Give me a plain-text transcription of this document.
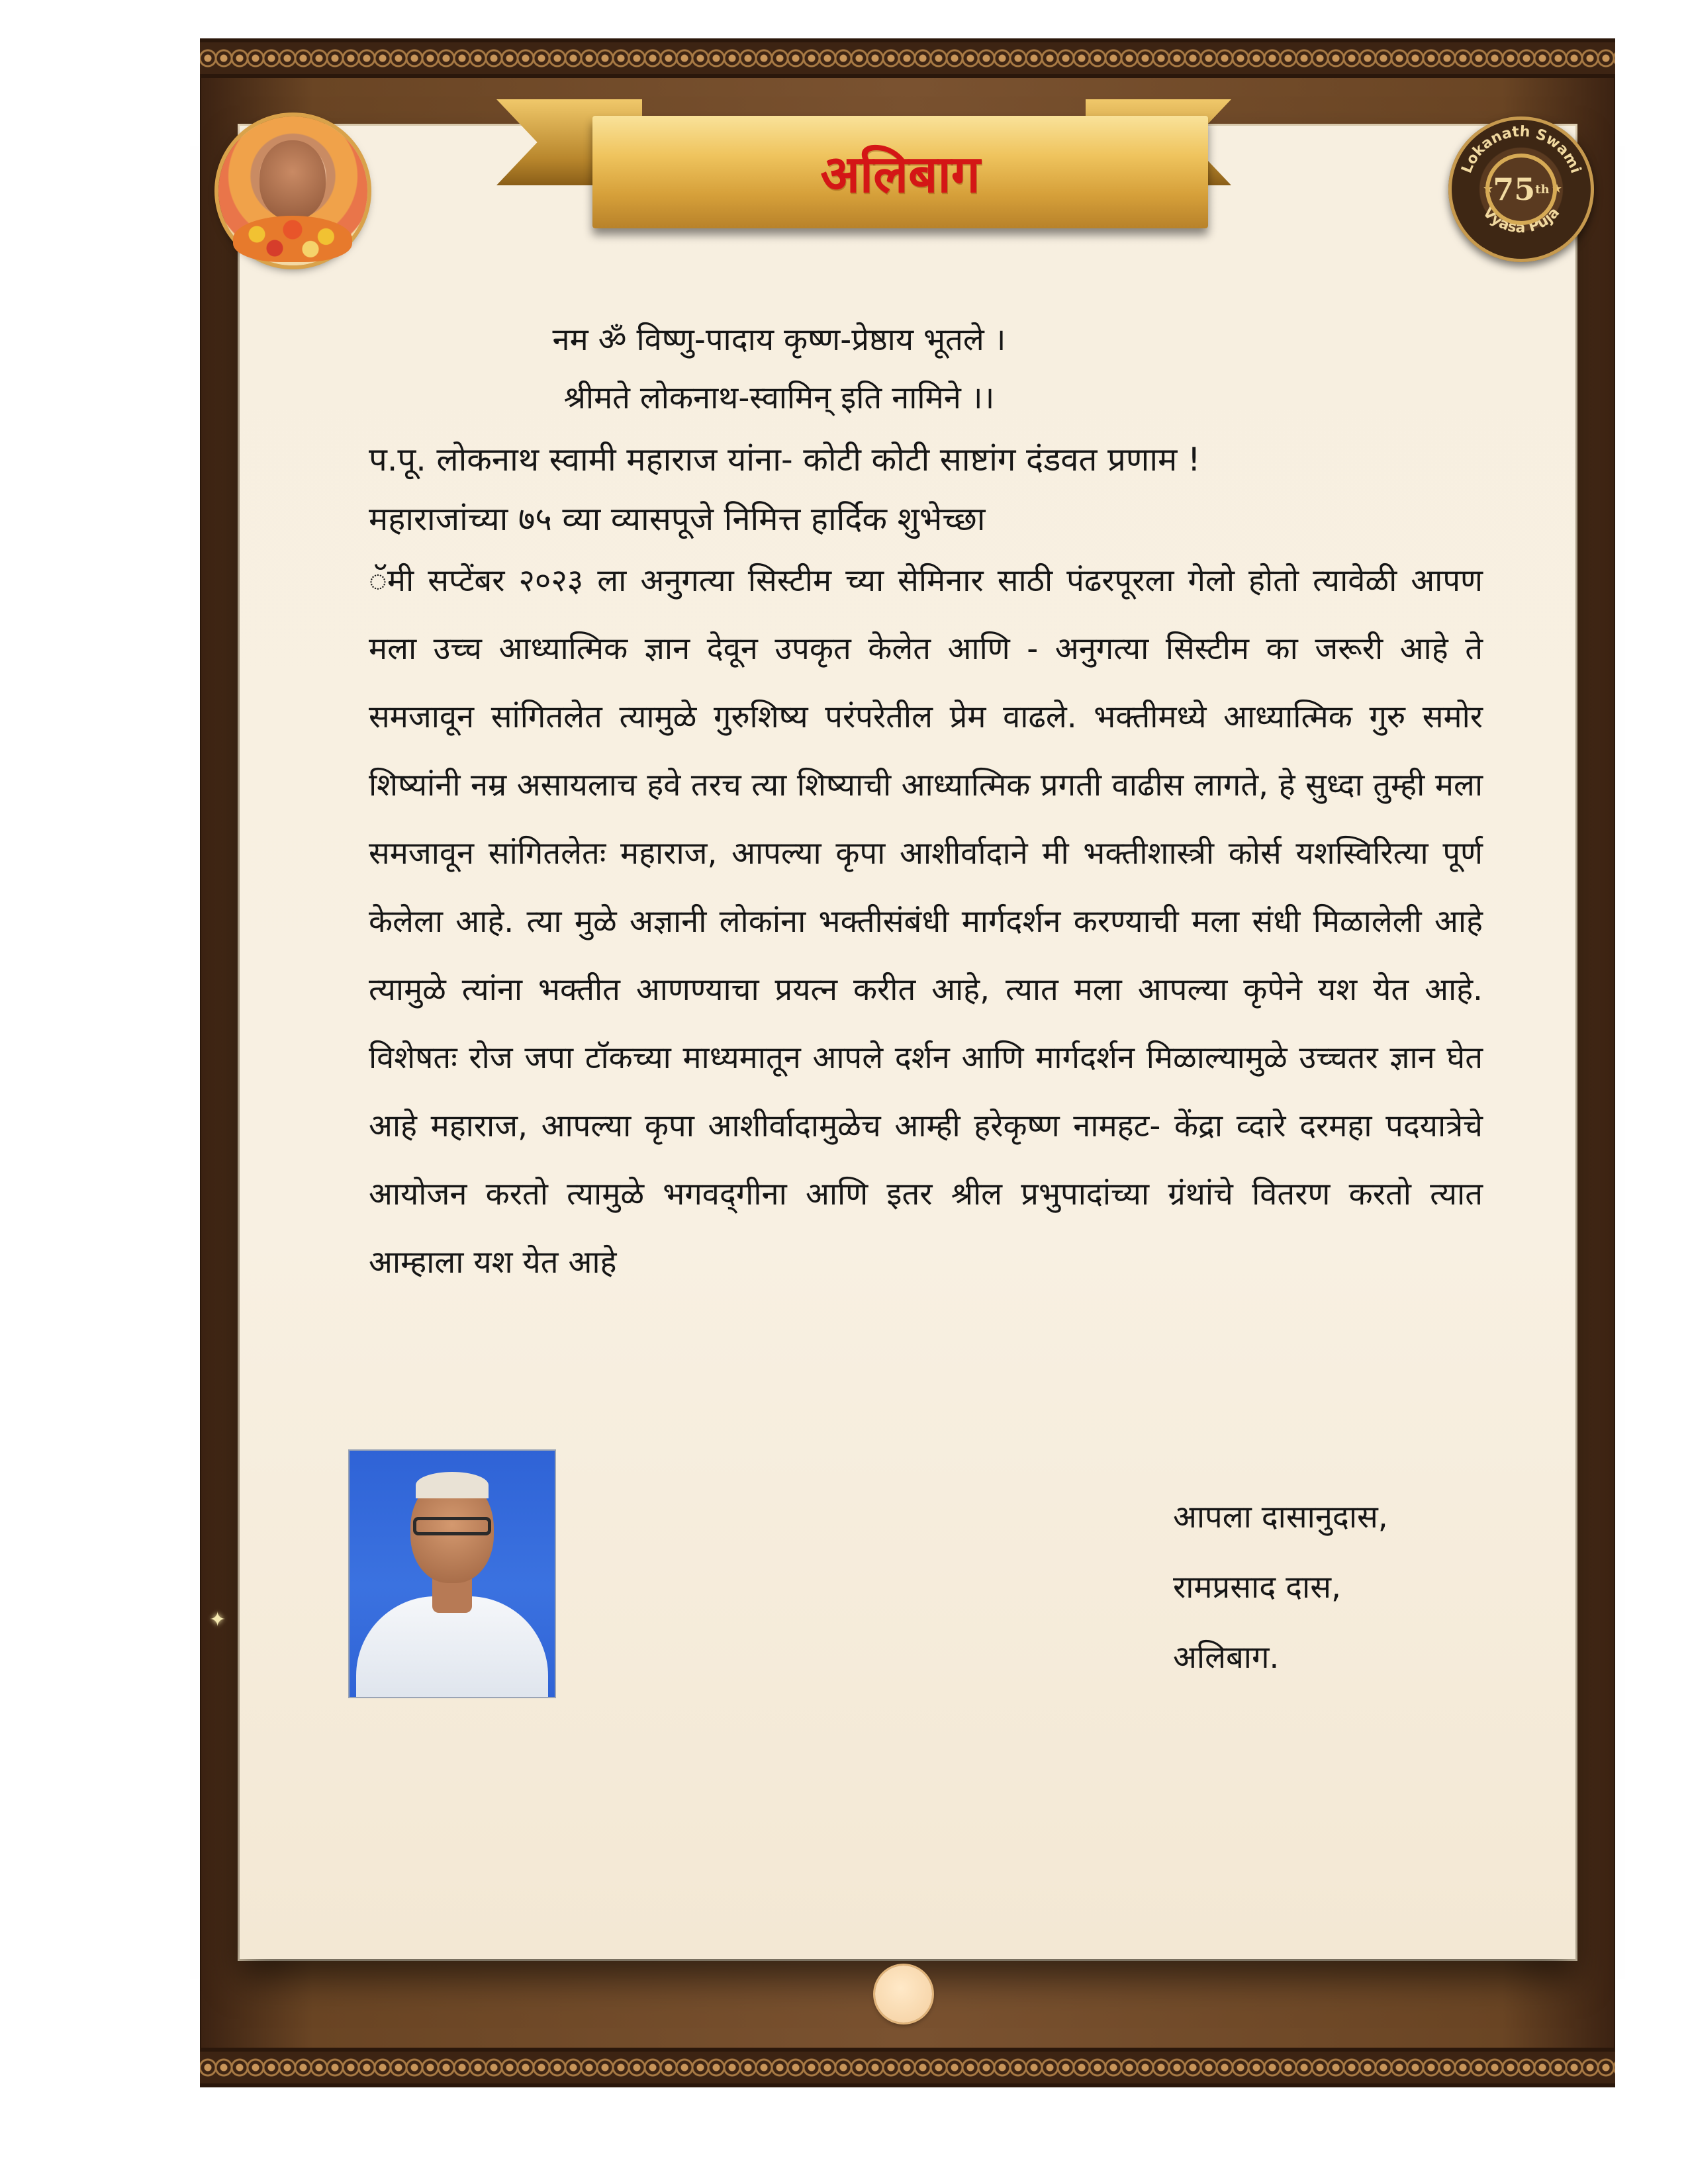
अलिबाग	Lokanath Swami
Vyasa Puja
★	★
75 th
नम ॐ विष्णु-पादाय कृष्ण-प्रेष्ठाय भूतले ।
श्रीमते लोकनाथ-स्वामिन् इति नामिने ।।
प.पू. लोकनाथ स्वामी महाराज यांना- कोटी कोटी साष्टांग दंडवत प्रणाम !
महाराजांच्या ७५ व्या व्यासपूजे निमित्त हार्दिक शुभेच्छा
ॅमी सप्टेंबर २०२३ ला अनुगत्या सिस्टीम च्या सेमिनार साठी पंढरपूरला गेलो होतो त्यावेळी आपण मला उच्च आध्यात्मिक ज्ञान देवून उपकृत केलेत आणि - अनुगत्या सिस्टीम का जरूरी आहे ते समजावून सांगितलेत त्यामुळे गुरुशिष्य परंपरेतील प्रेम वाढले. भक्तीमध्ये आध्यात्मिक गुरु समोर शिष्यांनी नम्र असायलाच हवे तरच त्या शिष्याची आध्यात्मिक प्रगती वाढीस लागते, हे सुध्दा तुम्ही मला समजावून सांगितलेतः महाराज, आपल्या कृपा आशीर्वादाने मी भक्तीशास्त्री कोर्स यशस्विरित्या पूर्ण केलेला आहे. त्या मुळे अज्ञानी लोकांना भक्तीसंबंधी मार्गदर्शन करण्याची मला संधी मिळालेली आहे त्यामुळे त्यांना भक्तीत आणण्याचा प्रयत्न करीत आहे, त्यात मला आपल्या कृपेने यश येत आहे. विशेषतः रोज जपा टॉकच्या माध्यमातून आपले दर्शन आणि मार्गदर्शन मिळाल्यामुळे उच्चतर ज्ञान घेत आहे महाराज, आपल्या कृपा आशीर्वादामुळेच आम्ही हरेकृष्ण नामहट- केंद्रा व्दारे दरमहा पदयात्रेचे आयोजन करतो त्यामुळे भगवद्‌गीना आणि इतर श्रील प्रभुपादांच्या ग्रंथांचे वितरण करतो त्यात आम्हाला यश येत आहे
आपला दासानुदास,
रामप्रसाद दास,
अलिबाग.
✦
